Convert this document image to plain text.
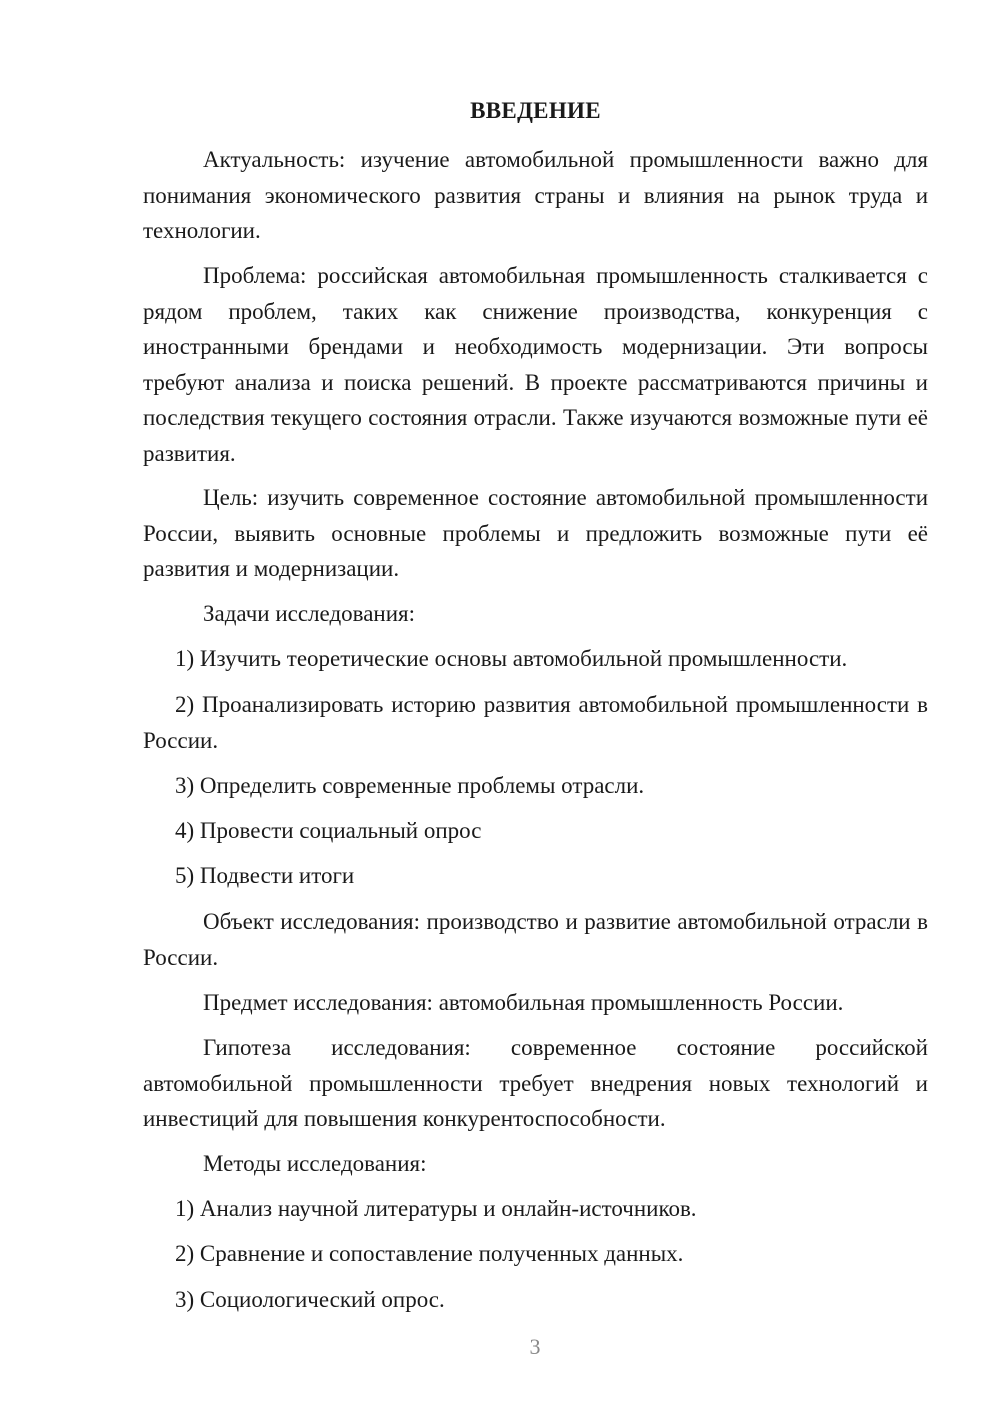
ВВЕДЕНИЕ

Актуальность: изучение автомобильной промышленности важно для понимания экономического развития страны и влияния на рынок труда и технологии.

Проблема: российская автомобильная промышленность сталкивается с рядом проблем, таких как снижение производства, конкуренция с иностранными брендами и необходимость модернизации. Эти вопросы требуют анализа и поиска решений. В проекте рассматриваются причины и последствия текущего состояния отрасли. Также изучаются возможные пути её развития.

Цель: изучить современное состояние автомобильной промышленности России, выявить основные проблемы и предложить возможные пути её развития и модернизации.

Задачи исследования:

1) Изучить теоретические основы автомобильной промышленности.

2) Проанализировать историю развития автомобильной промышленности в России.

3) Определить современные проблемы отрасли.

4) Провести социальный опрос

5) Подвести итоги

Объект исследования: производство и развитие автомобильной отрасли в России.

Предмет исследования: автомобильная промышленность России.

Гипотеза исследования: современное состояние российской автомобильной промышленности требует внедрения новых технологий и инвестиций для повышения конкурентоспособности.

Методы исследования:

1) Анализ научной литературы и онлайн-источников.

2) Сравнение и сопоставление полученных данных.

3) Социологический опрос.

3
